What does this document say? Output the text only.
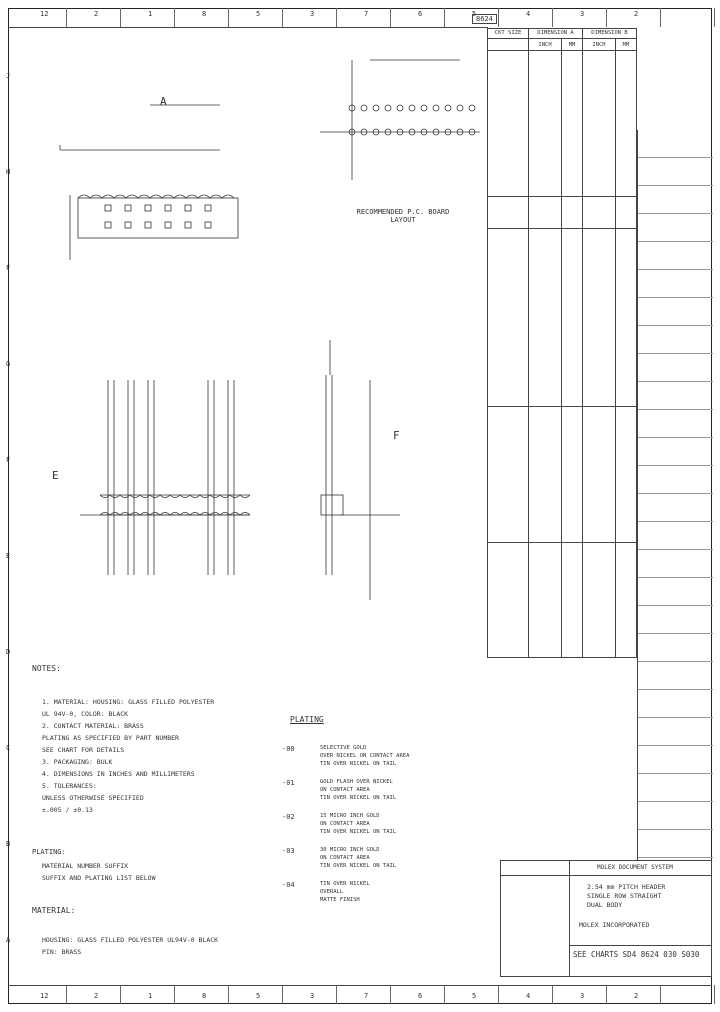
12	2	1	8	5	3	7	6	5	4	3	2
12	2	1	8	5	3	7	6	5	4	3	2
J
H
F
G
F
E
D
C
B
A
8624
E
F
A
RECOMMENDED P.C. BOARD LAYOUT
CKT SIZE	DIMENSION A		DIMENSION B	
	INCH	MM	INCH	MM

NOTES:
1. MATERIAL: HOUSING: GLASS FILLED POLYESTER
UL 94V-0, COLOR: BLACK
2. CONTACT MATERIAL: BRASS
PLATING AS SPECIFIED BY PART NUMBER
SEE CHART FOR DETAILS
3. PACKAGING: BULK
4. DIMENSIONS IN INCHES AND MILLIMETERS
5. TOLERANCES:
UNLESS OTHERWISE SPECIFIED
±.005 / ±0.13
MATERIAL NUMBER SUFFIX
SUFFIX AND PLATING LIST BELOW
PLATING:
MATERIAL:
HOUSING: GLASS FILLED POLYESTER UL94V-0 BLACK
PIN: BRASS
PLATING
-00	SELECTIVE GOLD
OVER NICKEL ON CONTACT AREA
TIN OVER NICKEL ON TAIL
-01	GOLD FLASH OVER NICKEL
ON CONTACT AREA
TIN OVER NICKEL ON TAIL
-02	15 MICRO INCH GOLD
ON CONTACT AREA
TIN OVER NICKEL ON TAIL
-03	30 MICRO INCH GOLD
ON CONTACT AREA
TIN OVER NICKEL ON TAIL
-04	TIN OVER NICKEL
OVERALL
MATTE FINISH
MOLEX DOCUMENT SYSTEM
2.54 mm PITCH HEADER
SINGLE ROW STRAIGHT
DUAL BODY
MOLEX INCORPORATED
SEE CHARTS SD4 8624 030 S030
